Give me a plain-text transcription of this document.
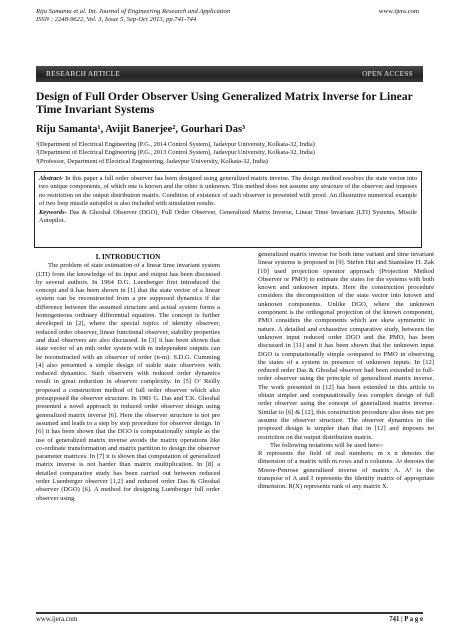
Riju Samanta et al. Int. Journal of Engineering Research and Application
ISSN : 2248-9622, Vol. 3, Issue 5, Sep-Oct 2013, pp.741-744
www.ijera.com
RESEARCH ARTICLE	OPEN ACCESS
Design of Full Order Observer Using Generalized Matrix Inverse for Linear Time Invariant Systems
Riju Samanta¹, Avijit Banerjee², Gourhari Das³
¹(Department of Electrical Engineering (P.G., 2014 Control System), Jadavpur University, Kolkata-32, India)
²(Department of Electrical Engineering (P.G., 2013 Control System), Jadavpur University, Kolkata-32, India)
³(Professor, Department of Electrical Engineering, Jadavpur University, Kolkata-32, India)

Abstract- In this paper a full order observer has been designed using generalized matrix inverse. The design method resolves the state vector into two unique components, of which one is known and the other is unknown. This method does not assume any structure of the observer and imposes no restriction on the output distribution matrix. Condition of existence of such observer is presented with proof. An illustrative numerical example of two loop missile autopilot is also included with simulation results.

Keywords- Das & Ghoshal Observer (DGO), Full Order Observer, Generalized Matrix Inverse, Linear Time Invariant (LTI) Systems, Missile Autopilot.

I. INTRODUCTION

The problem of state estimation of a linear time invariant system (LTI) from the knowledge of its input and output has been discussed by several authors. In 1964 D.G. Luenberger first introduced the concept and it has been shown in [1] that the state vector of a linear system can be reconstructed from a pre supposed dynamics if the difference between the assumed structure and actual system forms a homogeneous ordinary differential equation. The concept is further developed in [2], where the special topics of identity observer, reduced order observer, linear functional observer, stability properties and dual observers are also discussed. In [3] it has been shown that state vector of an mth order system with m independent outputs can be reconstructed with an observer of order (n-m). S.D.G. Cumming [4] also presented a simple design of stable state observers with reduced dynamics. Such observers with reduced order dynamics result in great reduction in observer complexity. In [5] O’ Reilly proposed a construction method of full order observer which also presupposed the observer structure. In 1981 G. Das and T.K. Ghoshal presented a novel approach to reduced order observer design using generalized matrix inverse [6]. Here the observer structure is not pre assumed and leads to a step by step procedure for observer design. In [6] it has been shown that the DGO is computationally simple as the use of generalized matrix inverse avoids the matrix operations like co-ordinate transformation and matrix partition to design the observer parameter matrices. In [7] it is shown that computation of generalized matrix inverse is not harder than matrix multiplication. In [8] a detailed comparative study has been carried out between reduced order Luenberger observer [1,2] and reduced order Das & Ghoshal observer (DGO) [6]. A method for designing Luenberger full order observer using

generalized matrix inverse for both time variant and time invariant linear systems is proposed in [9]. Stefen Hui and Stanislaw H. Zak [10] used projection operator approach (Projection Method Observer or PMO) to estimate the states for the systems with both known and unknown inputs. Here the construction procedure considers the decomposition of the state vector into known and unknown components. Unlike DGO, where the unknown component is the orthogonal projection of the known component, PMO considers the components which are skew symmetric in nature. A detailed and exhaustive comparative study, between the unknown input reduced order DGO and the PMO, has been discussed in [11] and it has been shown that the unknown input DGO is computationally simple compared to PMO in observing the states of a system in presence of unknown inputs. In [12] reduced order Das & Ghoshal observer had been extended to full-order observer using the principle of generalized matrix inverse. The work presented in [12] has been extended in this article to obtain simpler and computationally less complex design of full order observer using the concept of generalized matrix inverse. Similar to [6] & [12], this construction procedure also does not pre assume the observer structure. The observer dynamics in the proposed design is simpler than that in [12] and imposes no restriction on the output distribution matrix.

The following notations will be used here:-

R represents the field of real numbers; m x n denotes the dimension of a matrix with m rows and n columns. Aᵍ denotes the Moore-Penrose generalized inverse of matrix A. Aᵀ is the transpose of A and I represents the identity matrix of appropriate dimension. R(X) represents rank of any matrix X.

www.ijera.com	741 | P a g e
